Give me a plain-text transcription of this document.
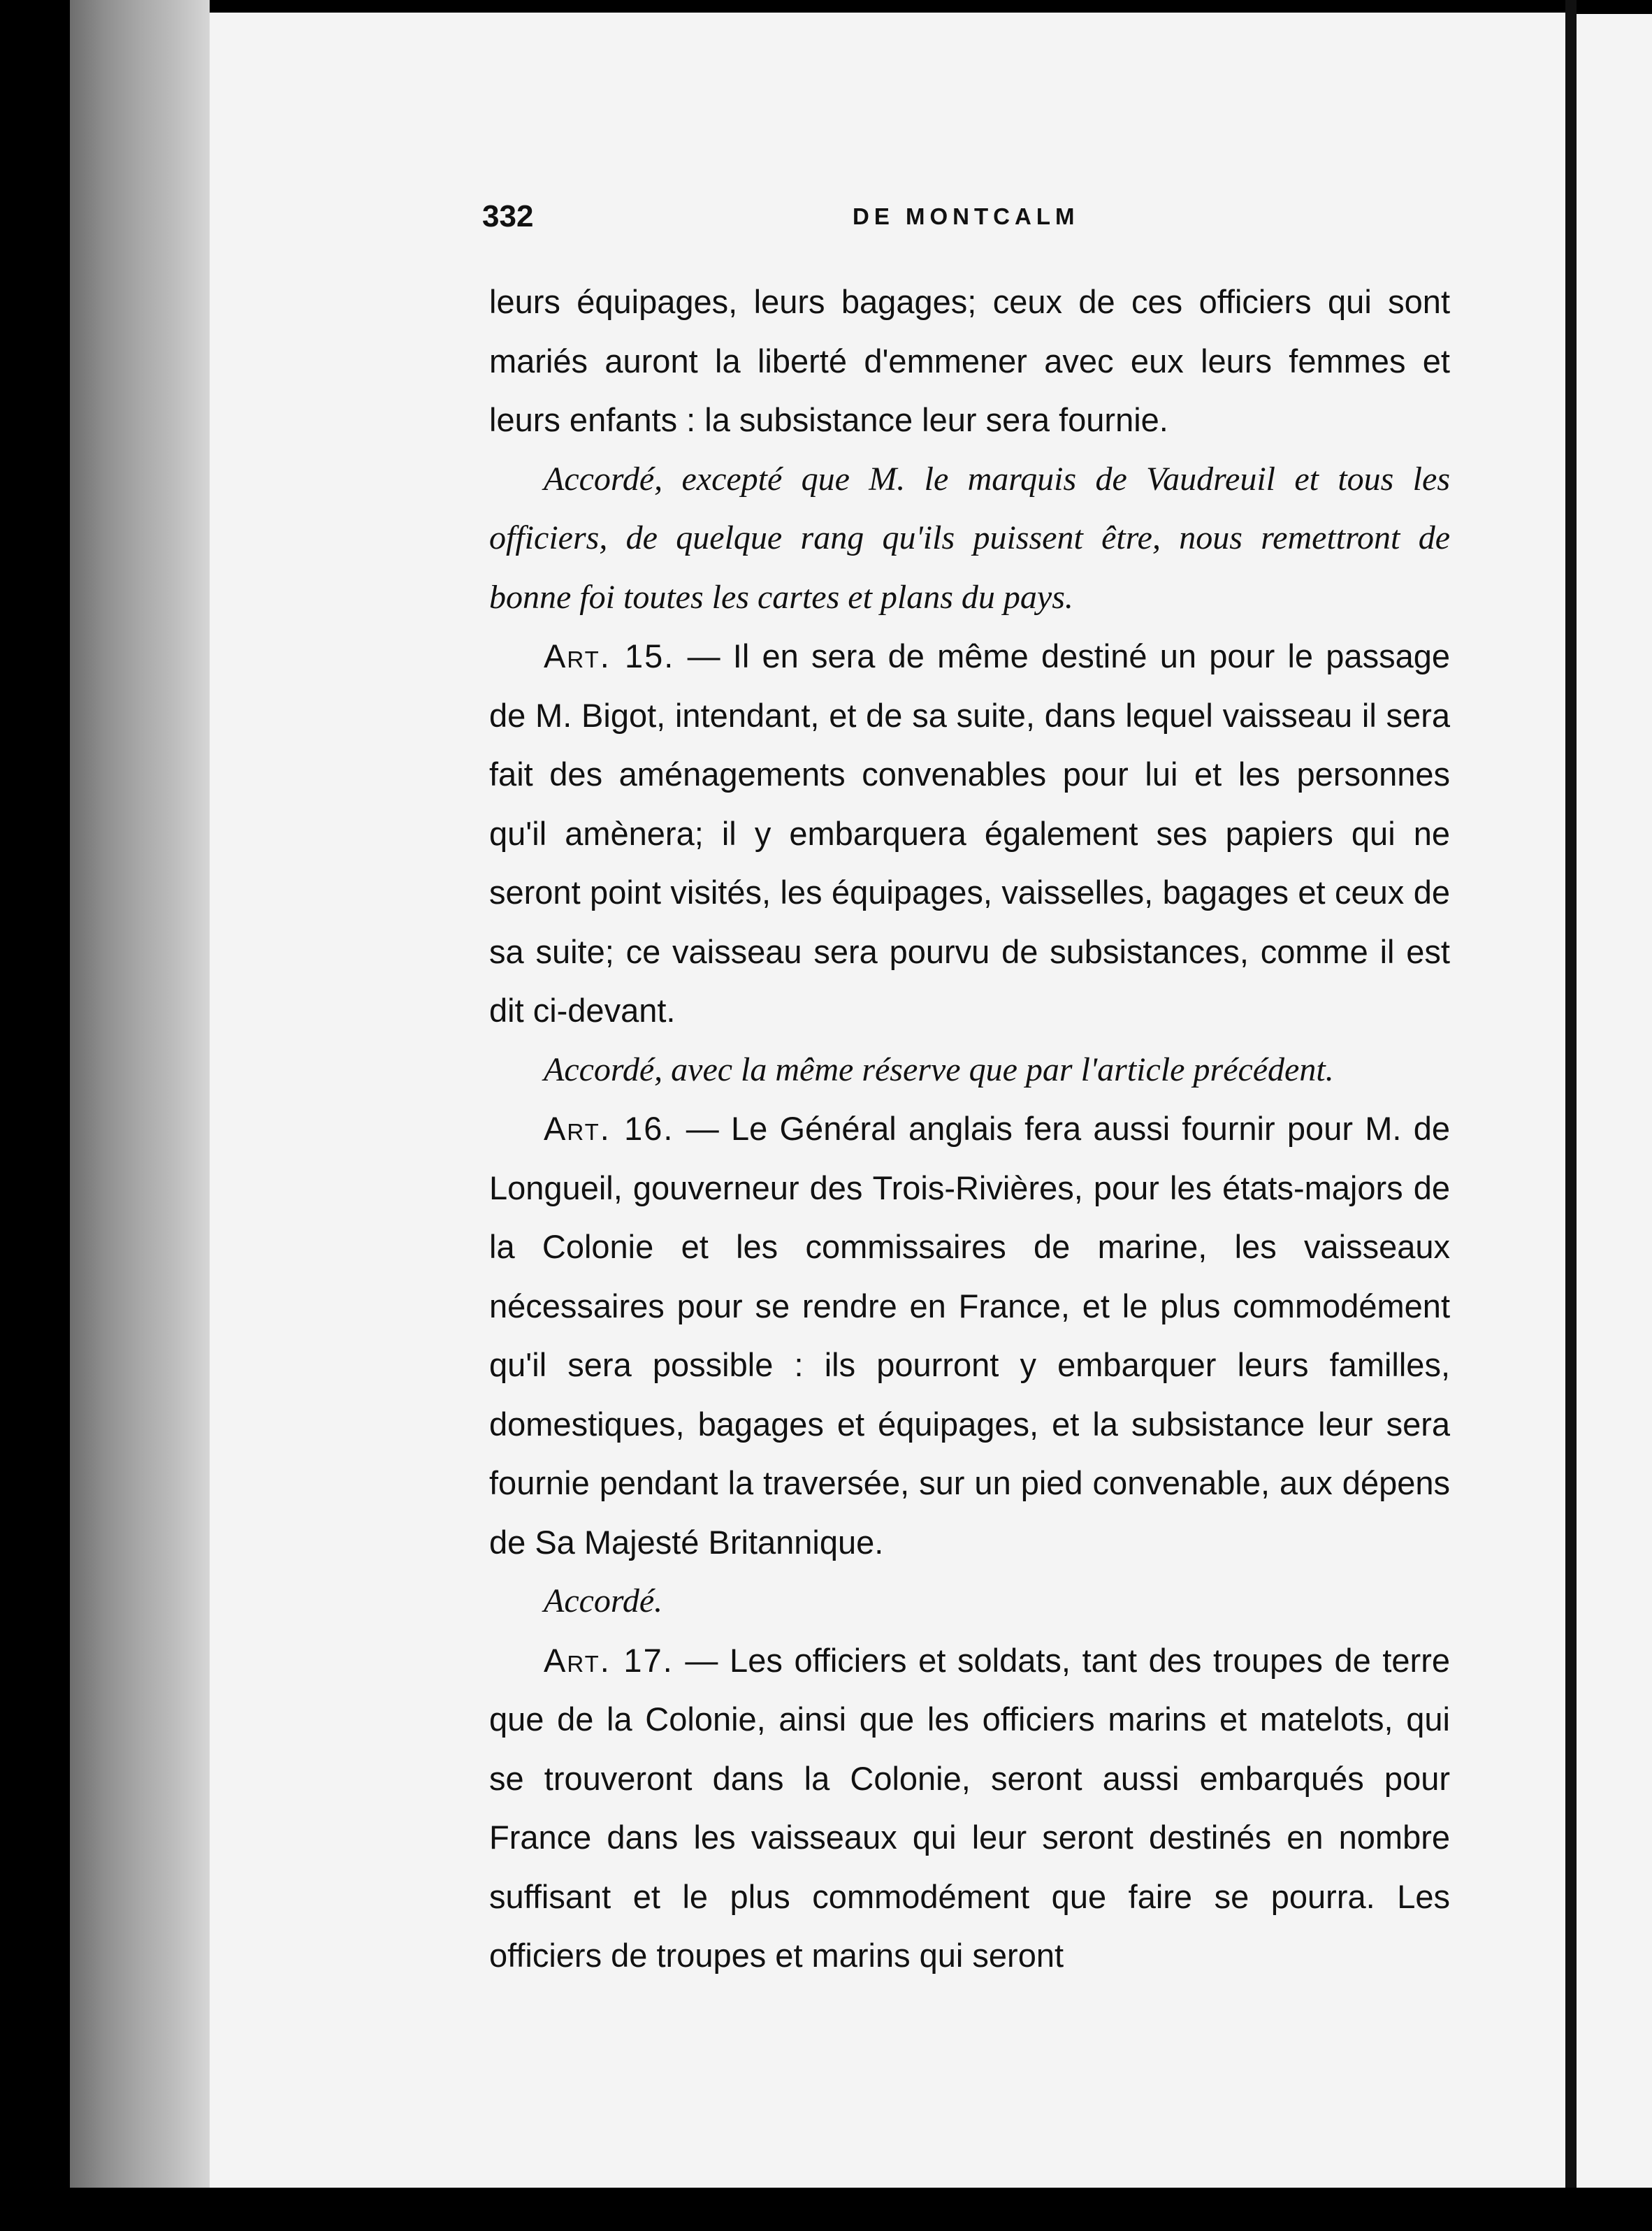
332	DE MONTCALM

leurs équipages, leurs bagages; ceux de ces officiers qui sont mariés auront la liberté d'emmener avec eux leurs femmes et leurs enfants : la subsistance leur sera fournie.

Accordé, excepté que M. le marquis de Vaudreuil et tous les officiers, de quelque rang qu'ils puissent être, nous remettront de bonne foi toutes les cartes et plans du pays.

Art. 15. — Il en sera de même destiné un pour le passage de M. Bigot, intendant, et de sa suite, dans lequel vaisseau il sera fait des aménagements convenables pour lui et les personnes qu'il amènera; il y embarquera également ses papiers qui ne seront point visités, les équipages, vaisselles, bagages et ceux de sa suite; ce vaisseau sera pourvu de subsistances, comme il est dit ci-devant.

Accordé, avec la même réserve que par l'article précédent.

Art. 16. — Le Général anglais fera aussi fournir pour M. de Longueil, gouverneur des Trois-Rivières, pour les états-majors de la Colonie et les commissaires de marine, les vaisseaux nécessaires pour se rendre en France, et le plus commodément qu'il sera possible : ils pourront y embarquer leurs familles, domestiques, bagages et équipages, et la subsistance leur sera fournie pendant la traversée, sur un pied convenable, aux dépens de Sa Majesté Britannique.

Accordé.

Art. 17. — Les officiers et soldats, tant des troupes de terre que de la Colonie, ainsi que les officiers marins et matelots, qui se trouveront dans la Colonie, seront aussi embarqués pour France dans les vaisseaux qui leur seront destinés en nombre suffisant et le plus commodément que faire se pourra. Les officiers de troupes et marins qui seront
